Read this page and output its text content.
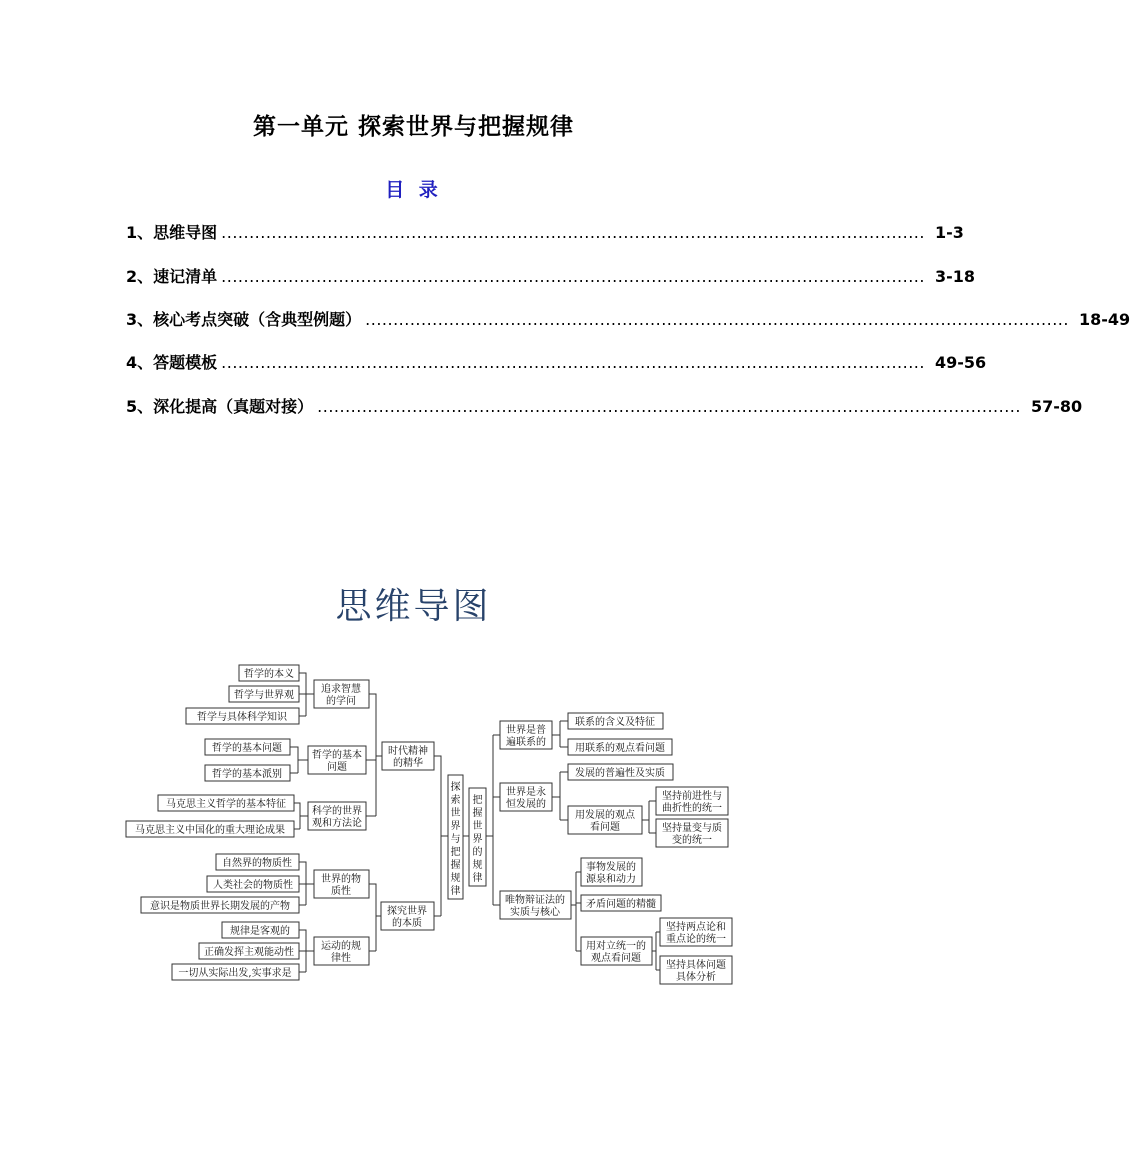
第一单元 探索世界与把握规律
目 录
1、思维导图 .............................................................................................................................. 1-3
2、速记清单 .............................................................................................................................. 3-18
3、核心考点突破（含典型例题） .............................................................................................................................. 18-49
4、答题模板 .............................................................................................................................. 49-56
5、深化提高（真题对接） .............................................................................................................................. 57-80
思维导图
哲学的本义
哲学与世界观
哲学与具体科学知识
哲学的基本问题
哲学的基本派别
马克思主义哲学的基本特征
马克思主义中国化的重大理论成果
自然界的物质性
人类社会的物质性
意识是物质世界长期发展的产物
规律是客观的
正确发挥主观能动性
一切从实际出发,实事求是
追求智慧
的学问
哲学的基本
问题
科学的世界
观和方法论
世界的物
质性
运动的规
律性
时代精神
的精华
探究世界
的本质
探
索
世
界
与
把
握
规
律
把
握
世
界
的
规
律
世界是普
遍联系的
世界是永
恒发展的
唯物辩证法的
实质与核心
联系的含义及特征
用联系的观点看问题
发展的普遍性及实质
用发展的观点
看问题
坚持前进性与
曲折性的统一
坚持量变与质
变的统一
事物发展的
源泉和动力
矛盾问题的精髓
用对立统一的
观点看问题
坚持两点论和
重点论的统一
坚持具体问题
具体分析
